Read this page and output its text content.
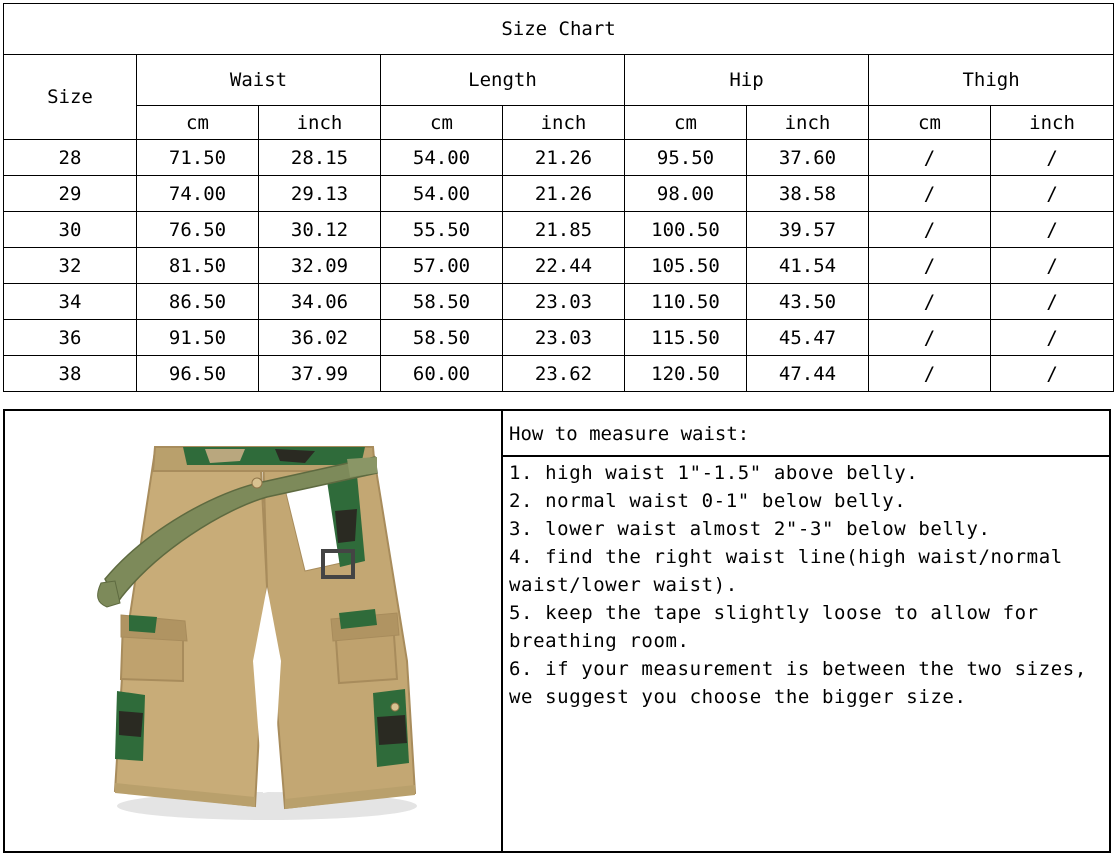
Size Chart								
Size	Waist		Length		Hip		Thigh	
	cm	inch	cm	inch	cm	inch	cm	inch
28	71.50	28.15	54.00	21.26	95.50	37.60	/	/
29	74.00	29.13	54.00	21.26	98.00	38.58	/	/
30	76.50	30.12	55.50	21.85	100.50	39.57	/	/
32	81.50	32.09	57.00	22.44	105.50	41.54	/	/
34	86.50	34.06	58.50	23.03	110.50	43.50	/	/
36	91.50	36.02	58.50	23.03	115.50	45.47	/	/
38	96.50	37.99	60.00	23.62	120.50	47.44	/	/
How to measure waist:
1. high waist 1"-1.5" above belly.
2. normal waist 0-1" below belly.
3. lower waist almost 2"-3" below belly.
4. find the right waist line(high waist/normal waist/lower waist).
5. keep the tape slightly loose to allow for breathing room.
6. if your measurement is between the two sizes, we suggest you choose the bigger size.
